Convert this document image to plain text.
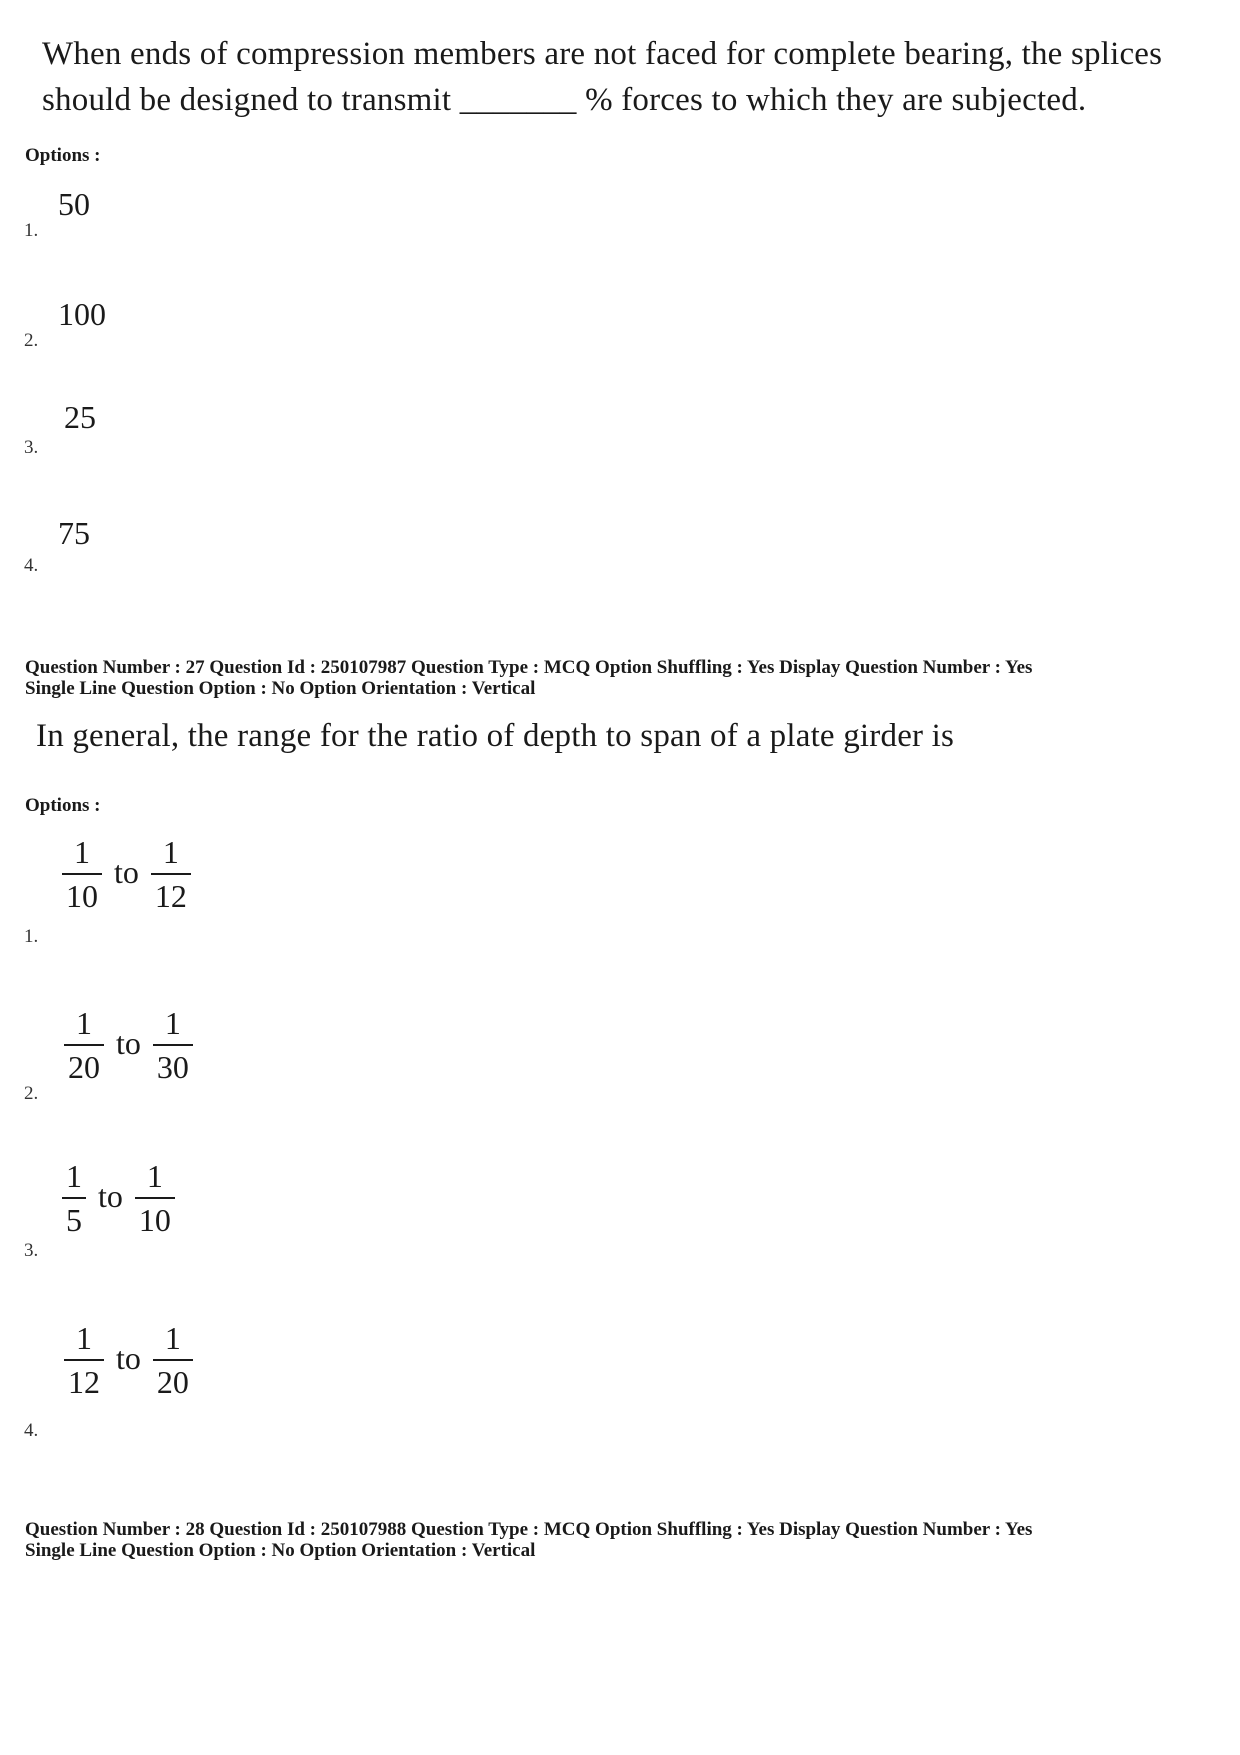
When ends of compression members are not faced for complete bearing, the splices
should be designed to transmit _______ % forces to which they are subjected.
Options :
50
1.
100
2.
25
3.
75
4.
Question Number : 27 Question Id : 250107987 Question Type : MCQ Option Shuffling : Yes Display Question Number : Yes
Single Line Question Option : No Option Orientation : Vertical
In general, the range for the ratio of depth to span of a plate girder is
Options :
$\frac{1}{10}$ to $\frac{1}{12}$
1.
$\frac{1}{20}$ to $\frac{1}{30}$
2.
$\frac{1}{5}$ to $\frac{1}{10}$
3.
$\frac{1}{12}$ to $\frac{1}{20}$
4.
Question Number : 28 Question Id : 250107988 Question Type : MCQ Option Shuffling : Yes Display Question Number : Yes
Single Line Question Option : No Option Orientation : Vertical
